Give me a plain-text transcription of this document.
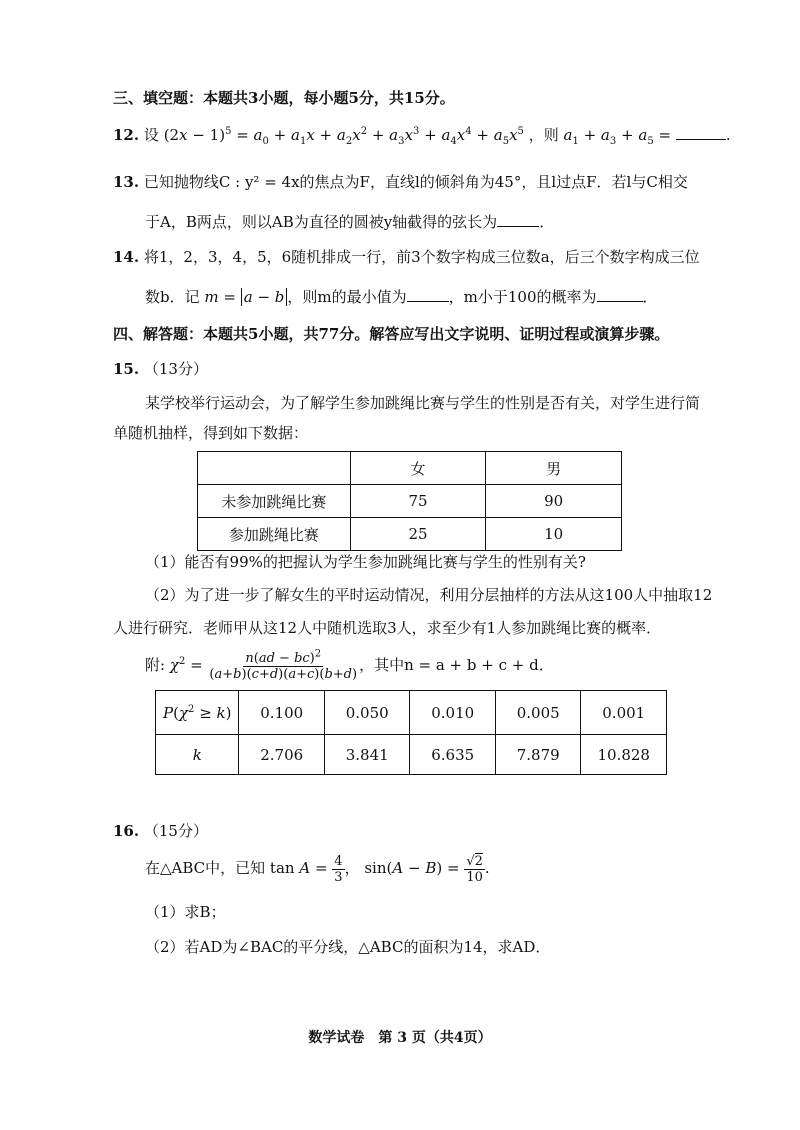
三、填空题：本题共3小题，每小题5分，共15分。
12. 设 $(2x - 1)^5 = a_0 + a_1x + a_2x^2 + a_3x^3 + a_4x^4 + a_5x^5$ ，则 $a_1 + a_3 + a_5$ =	.
13. 已知抛物线C : y² = 4x的焦点为F，直线l的倾斜角为45°，且l过点F．若l与C相交
于A，B两点，则以AB为直径的圆被y轴截得的弦长为	．
14. 将1，2，3，4，5，6随机排成一行，前3个数字构成三位数a，后三个数字构成三位
数b．记 m = a − b ，则m的最小值为	，m小于100的概率为	．
四、解答题：本题共5小题，共77分。解答应写出文字说明、证明过程或演算步骤。
15. （13分）
某学校举行运动会，为了解学生参加跳绳比赛与学生的性别是否有关，对学生进行简
单随机抽样，得到如下数据：
	女	男
未参加跳绳比赛	75	90
参加跳绳比赛	25	10
（1）能否有99%的把握认为学生参加跳绳比赛与学生的性别有关?
（2）为了进一步了解女生的平时运动情况，利用分层抽样的方法从这100人中抽取12
人进行研究．老师甲从这12人中随机选取3人，求至少有1人参加跳绳比赛的概率．
附: $\chi^2 = \frac{n(ad - bc)^2}{(a+b)(c+d)(a+c)(b+d)}$ ，其中n = a + b + c + d．
$P(\chi^2 \ge k)$	0.100	0.050	0.010	0.005	0.001
k	2.706	3.841	6.635	7.879	10.828
16. （15分）
在△ABC中，已知 $\tan A = \frac{4}{3}$ ， $\sin(A - B) = \frac{√2}{10}$ .
（1）求B；
（2）若AD为∠BAC的平分线，△ABC的面积为14，求AD．
数学试卷　第 3 页（共4页）
